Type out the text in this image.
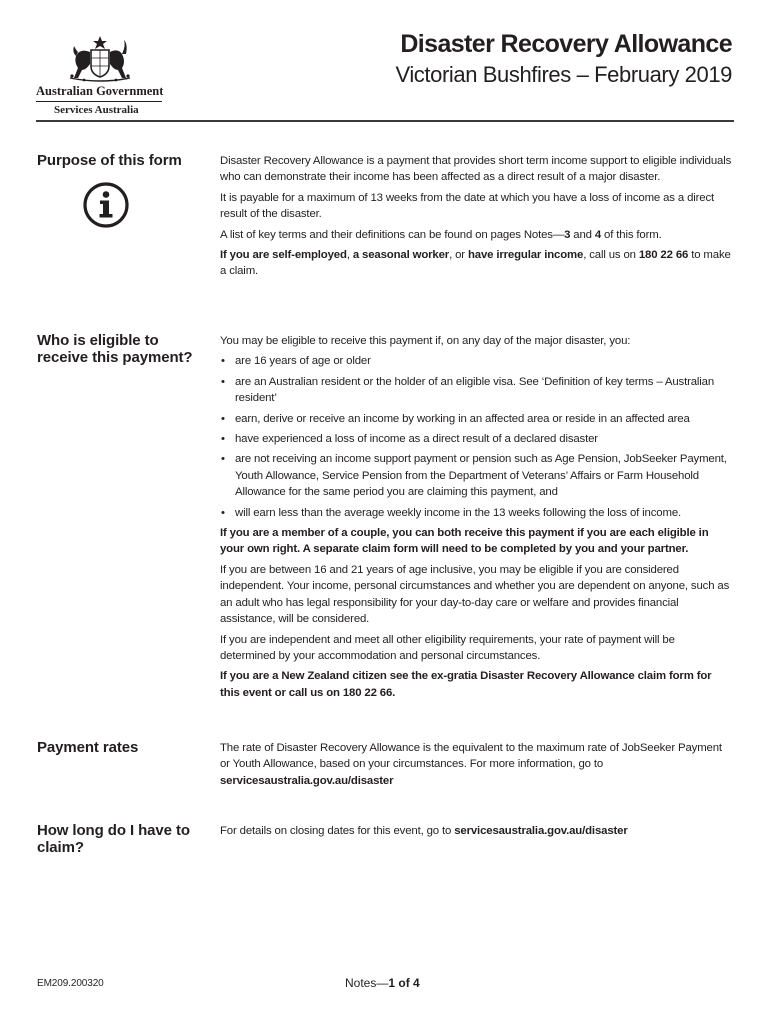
Australian Government
Services Australia
Disaster Recovery Allowance
Victorian Bushfires – February 2019
Purpose of this form	Disaster Recovery Allowance is a payment that provides short term income support to eligible individuals who can demonstrate their income has been affected as a direct result of a major disaster.

It is payable for a maximum of 13 weeks from the date at which you have a loss of income as a direct result of the disaster.

A list of key terms and their definitions can be found on pages Notes—3 and 4 of this form.

If you are self-employed, a seasonal worker, or have irregular income, call us on 180 22 66 to make a claim.

Who is eligible to receive this payment?

You may be eligible to receive this payment if, on any day of the major disaster, you:

• are 16 years of age or older
• are an Australian resident or the holder of an eligible visa. See ‘Definition of key terms – Australian resident’
• earn, derive or receive an income by working in an affected area or reside in an affected area
• have experienced a loss of income as a direct result of a declared disaster
• are not receiving an income support payment or pension such as Age Pension, JobSeeker Payment, Youth Allowance, Service Pension from the Department of Veterans’ Affairs or Farm Household Allowance for the same period you are claiming this payment, and
• will earn less than the average weekly income in the 13 weeks following the loss of income.

If you are a member of a couple, you can both receive this payment if you are each eligible in your own right. A separate claim form will need to be completed by you and your partner.

If you are between 16 and 21 years of age inclusive, you may be eligible if you are considered independent. Your income, personal circumstances and whether you are dependent on anyone, such as an adult who has legal responsibility for your day-to-day care or welfare and provides financial assistance, will be considered.

If you are independent and meet all other eligibility requirements, your rate of payment will be determined by your accommodation and personal circumstances.

If you are a New Zealand citizen see the ex-gratia Disaster Recovery Allowance claim form for this event or call us on 180 22 66.

Payment rates	The rate of Disaster Recovery Allowance is the equivalent to the maximum rate of JobSeeker Payment or Youth Allowance, based on your circumstances. For more information, go to
servicesaustralia.gov.au/disaster

How long do I have to claim?

For details on closing dates for this event, go to servicesaustralia.gov.au/disaster

EM209.200320	Notes—1 of 4
